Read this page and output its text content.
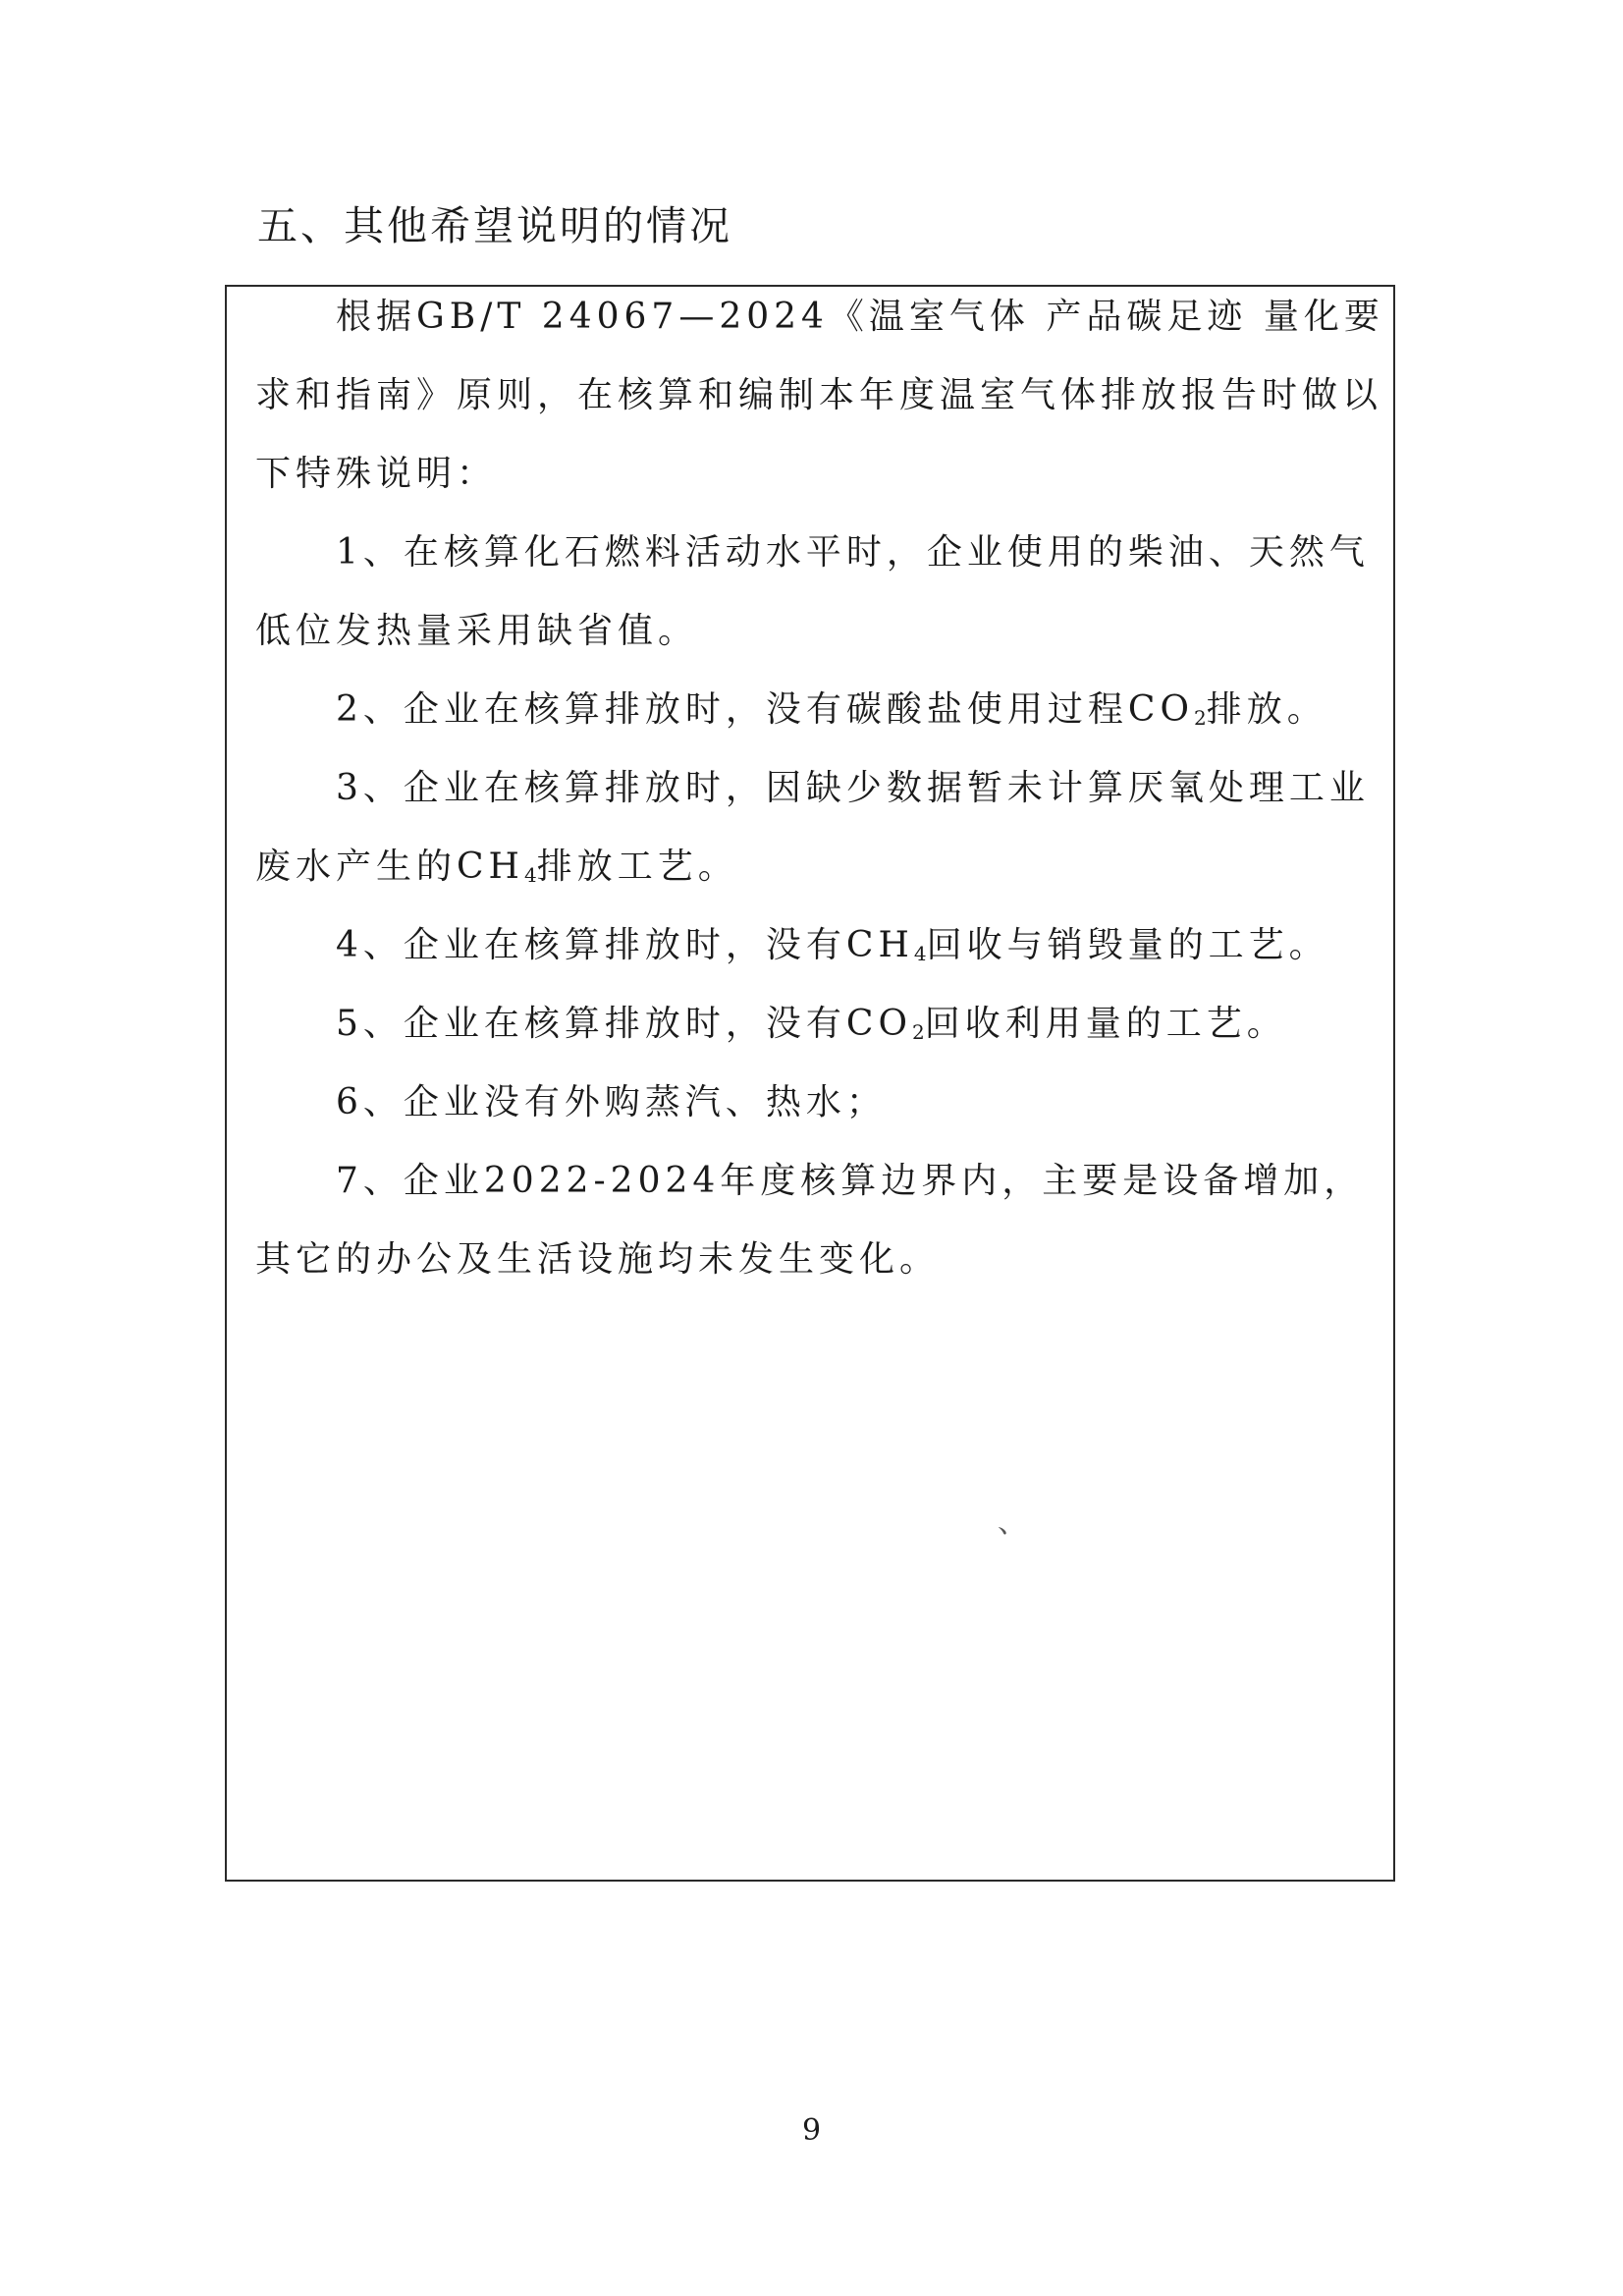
五、其他希望说明的情况

根据GB/T 24067—2024《温室气体 产品碳足迹 量化要求和指南》原则，在核算和编制本年度温室气体排放报告时做以下特殊说明：

1、在核算化石燃料活动水平时，企业使用的柴油、天然气低位发热量采用缺省值。

2、企业在核算排放时，没有碳酸盐使用过程$CO_2$排放。

3、企业在核算排放时，因缺少数据暂未计算厌氧处理工业废水产生的$CH_4$排放工艺。

4、企业在核算排放时，没有$CH_4$回收与销毁量的工艺。

5、企业在核算排放时，没有$CO_2$回收利用量的工艺。

6、企业没有外购蒸汽、热水；

7、企业2022-2024年度核算边界内，主要是设备增加，其它的办公及生活设施均未发生变化。

、

9
